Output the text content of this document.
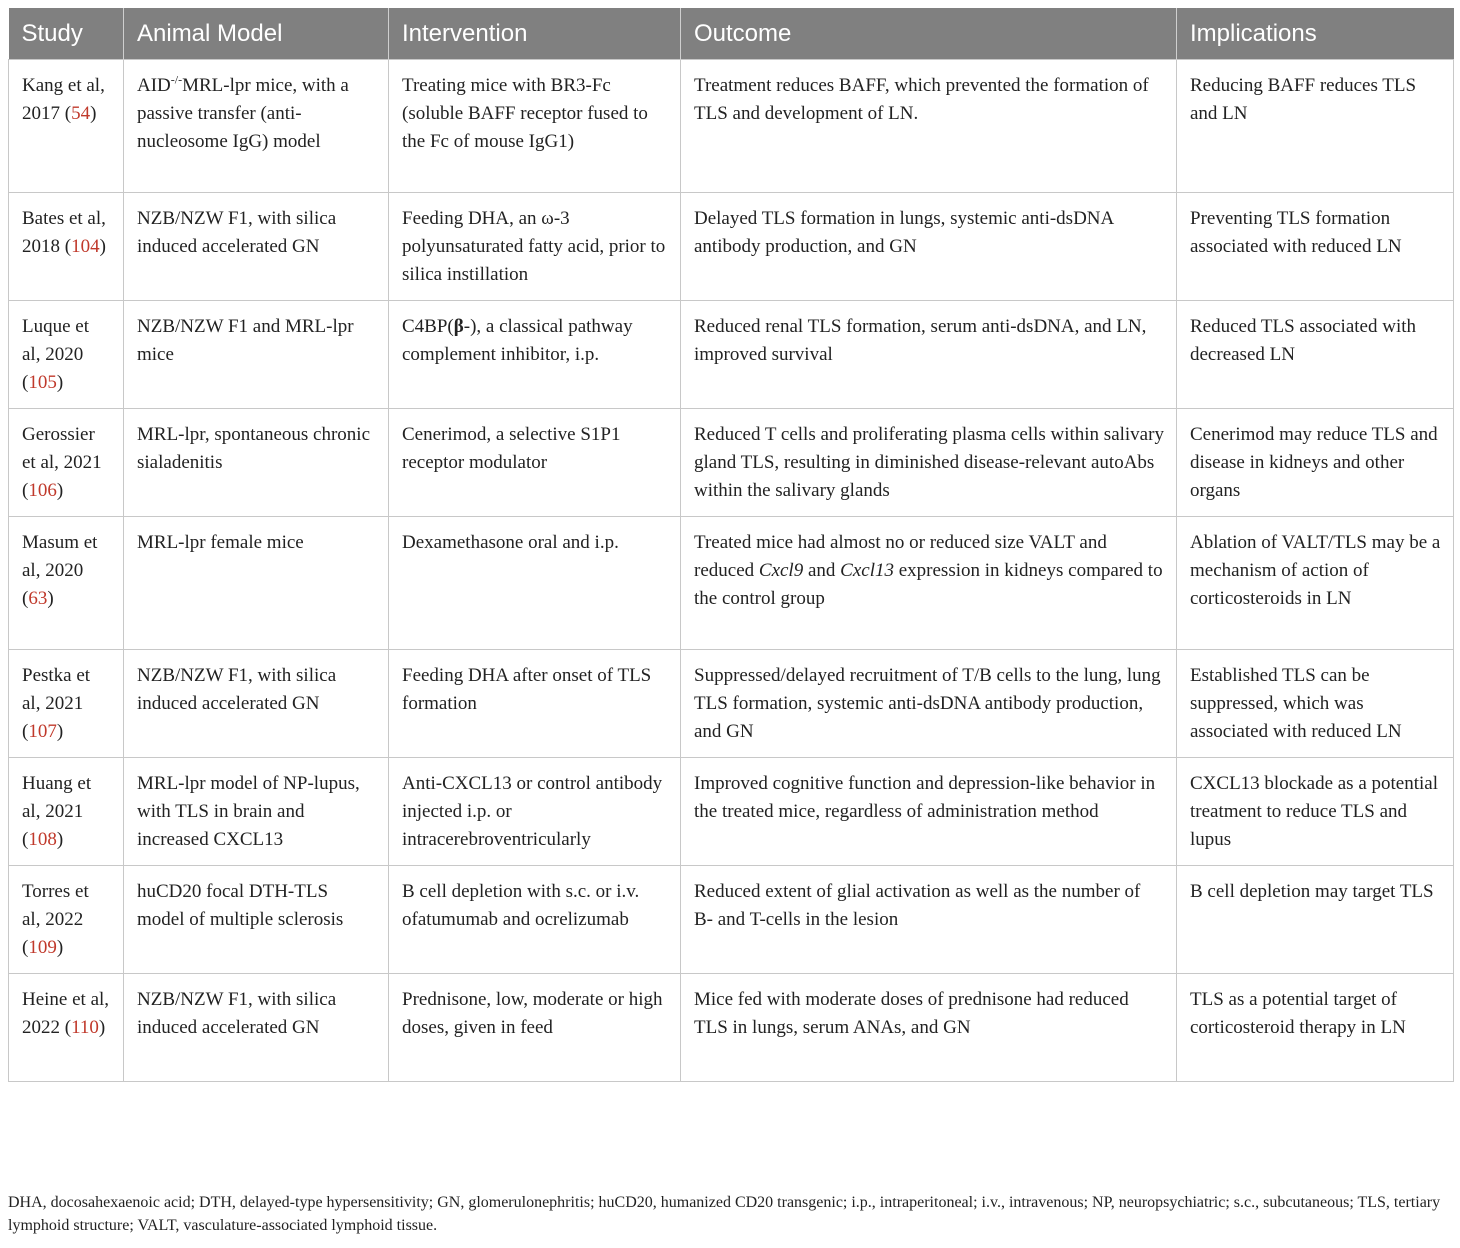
Study	Animal Model	Intervention	Outcome	Implications
Kang et al, 2017 (54)	AID-/-MRL-lpr mice, with a passive transfer (anti-nucleosome IgG) model	Treating mice with BR3-Fc (soluble BAFF receptor fused to the Fc of mouse IgG1)	Treatment reduces BAFF, which prevented the formation of TLS and development of LN.	Reducing BAFF reduces TLS and LN
Bates et al, 2018 (104)	NZB/NZW F1, with silica induced accelerated GN	Feeding DHA, an ω-3 polyunsaturated fatty acid, prior to silica instillation	Delayed TLS formation in lungs, systemic anti-dsDNA antibody production, and GN	Preventing TLS formation associated with reduced LN
Luque et al, 2020 (105)	NZB/NZW F1 and MRL-lpr mice	C4BP(β-), a classical pathway complement inhibitor, i.p.	Reduced renal TLS formation, serum anti-dsDNA, and LN, improved survival	Reduced TLS associated with decreased LN
Gerossier et al, 2021 (106)	MRL-lpr, spontaneous chronic sialadenitis	Cenerimod, a selective S1P1 receptor modulator	Reduced T cells and proliferating plasma cells within salivary gland TLS, resulting in diminished disease-relevant autoAbs within the salivary glands	Cenerimod may reduce TLS and disease in kidneys and other organs
Masum et al, 2020 (63)	MRL-lpr female mice	Dexamethasone oral and i.p.	Treated mice had almost no or reduced size VALT and reduced Cxcl9 and Cxcl13 expression in kidneys compared to the control group	Ablation of VALT/TLS may be a mechanism of action of corticosteroids in LN
Pestka et al, 2021 (107)	NZB/NZW F1, with silica induced accelerated GN	Feeding DHA after onset of TLS formation	Suppressed/delayed recruitment of T/B cells to the lung, lung TLS formation, systemic anti-dsDNA antibody production, and GN	Established TLS can be suppressed, which was associated with reduced LN
Huang et al, 2021 (108)	MRL-lpr model of NP-lupus, with TLS in brain and increased CXCL13	Anti-CXCL13 or control antibody injected i.p. or intracerebroventricularly	Improved cognitive function and depression-like behavior in the treated mice, regardless of administration method	CXCL13 blockade as a potential treatment to reduce TLS and lupus
Torres et al, 2022 (109)	huCD20 focal DTH-TLS model of multiple sclerosis	B cell depletion with s.c. or i.v. ofatumumab and ocrelizumab	Reduced extent of glial activation as well as the number of B- and T-cells in the lesion	B cell depletion may target TLS
Heine et al, 2022 (110)	NZB/NZW F1, with silica induced accelerated GN	Prednisone, low, moderate or high doses, given in feed	Mice fed with moderate doses of prednisone had reduced TLS in lungs, serum ANAs, and GN	TLS as a potential target of corticosteroid therapy in LN
DHA, docosahexaenoic acid; DTH, delayed-type hypersensitivity; GN, glomerulonephritis; huCD20, humanized CD20 transgenic; i.p., intraperitoneal; i.v., intravenous; NP, neuropsychiatric; s.c., subcutaneous; TLS, tertiary lymphoid structure; VALT, vasculature-associated lymphoid tissue.
